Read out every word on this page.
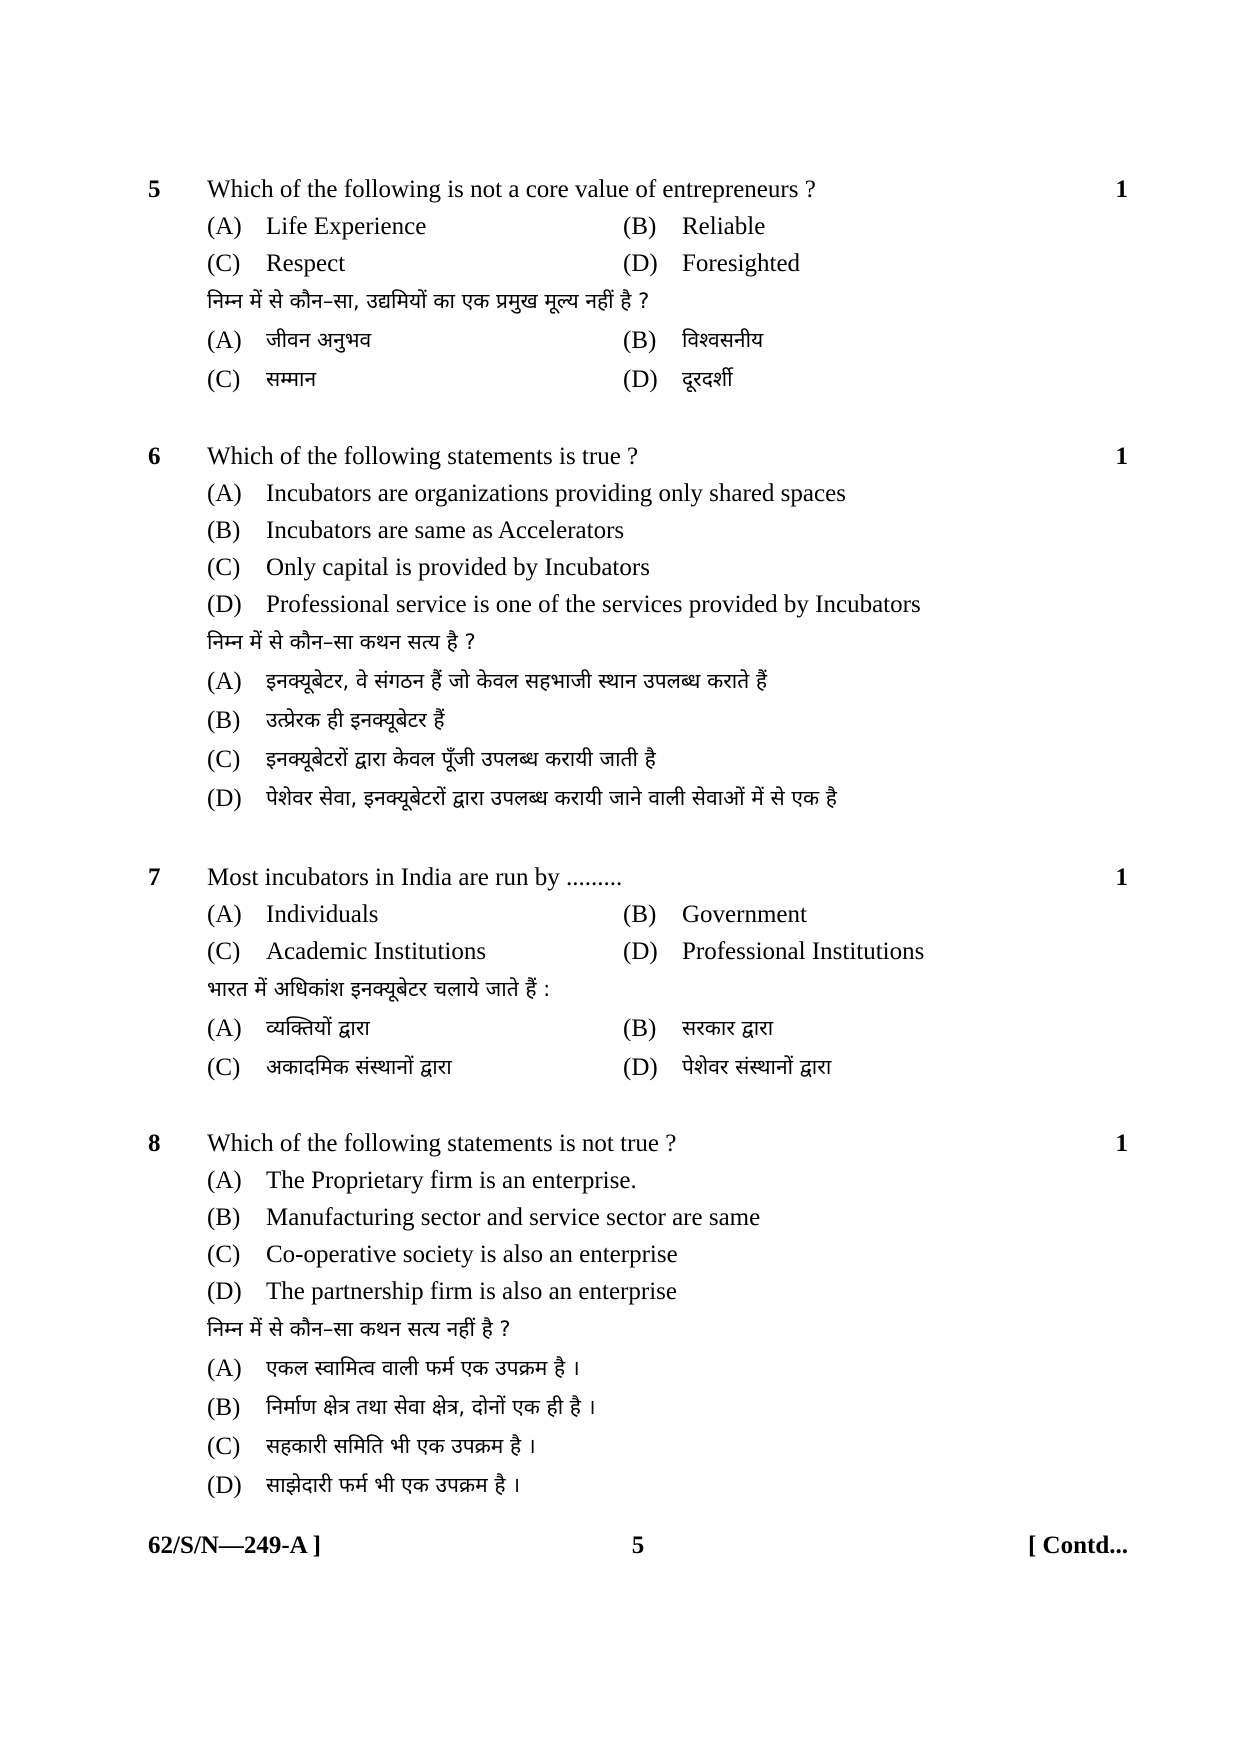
5	1
Which of the following is not a core value of entrepreneurs ?
(A) Life Experience	(B)	Reliable
(C)	Respect	(D) Foresighted
निम्न में से कौन–सा, उद्यमियों का एक प्रमुख मूल्य नहीं है ?
(A)	जीवन अनुभव	(B)	विश्वसनीय
(C)	सम्मान	(D)	दूरदर्शी
6	1
Which of the following statements is true ?
(A) Incubators are organizations providing only shared spaces
(B)	Incubators are same as Accelerators
(C)	Only capital is provided by Incubators
(D) Professional service is one of the services provided by Incubators
निम्न में से कौन–सा कथन सत्य है ?
(A)	इनक्यूबेटर, वे संगठन हैं जो केवल सहभाजी स्थान उपलब्ध कराते हैं
(B)	उत्प्रेरक ही इनक्यूबेटर हैं
(C)	इनक्यूबेटरों द्वारा केवल पूँजी उपलब्ध करायी जाती है
(D)	पेशेवर सेवा, इनक्यूबेटरों द्वारा उपलब्ध करायी जाने वाली सेवाओं में से एक है
7	1
Most incubators in India are run by .........
(A) Individuals	(B)	Government
(C)	Academic Institutions	(D) Professional Institutions
भारत में अधिकांश इनक्यूबेटर चलाये जाते हैं :
(A)	व्यक्तियों द्वारा	(B)	सरकार द्वारा
(C)	अकादमिक संस्थानों द्वारा	(D)	पेशेवर संस्थानों द्वारा
8	1
Which of the following statements is not true ?
(A) The Proprietary firm is an enterprise.
(B)	Manufacturing sector and service sector are same
(C)	Co-operative society is also an enterprise
(D) The partnership firm is also an enterprise
निम्न में से कौन–सा कथन सत्य नहीं है ?
(A)	एकल स्वामित्व वाली फर्म एक उपक्रम है ।
(B)	निर्माण क्षेत्र तथा सेवा क्षेत्र, दोनों एक ही है ।
(C)	सहकारी समिति भी एक उपक्रम है ।
(D)	साझेदारी फर्म भी एक उपक्रम है ।
62/S/N—249-A ]	5	[ Contd...
